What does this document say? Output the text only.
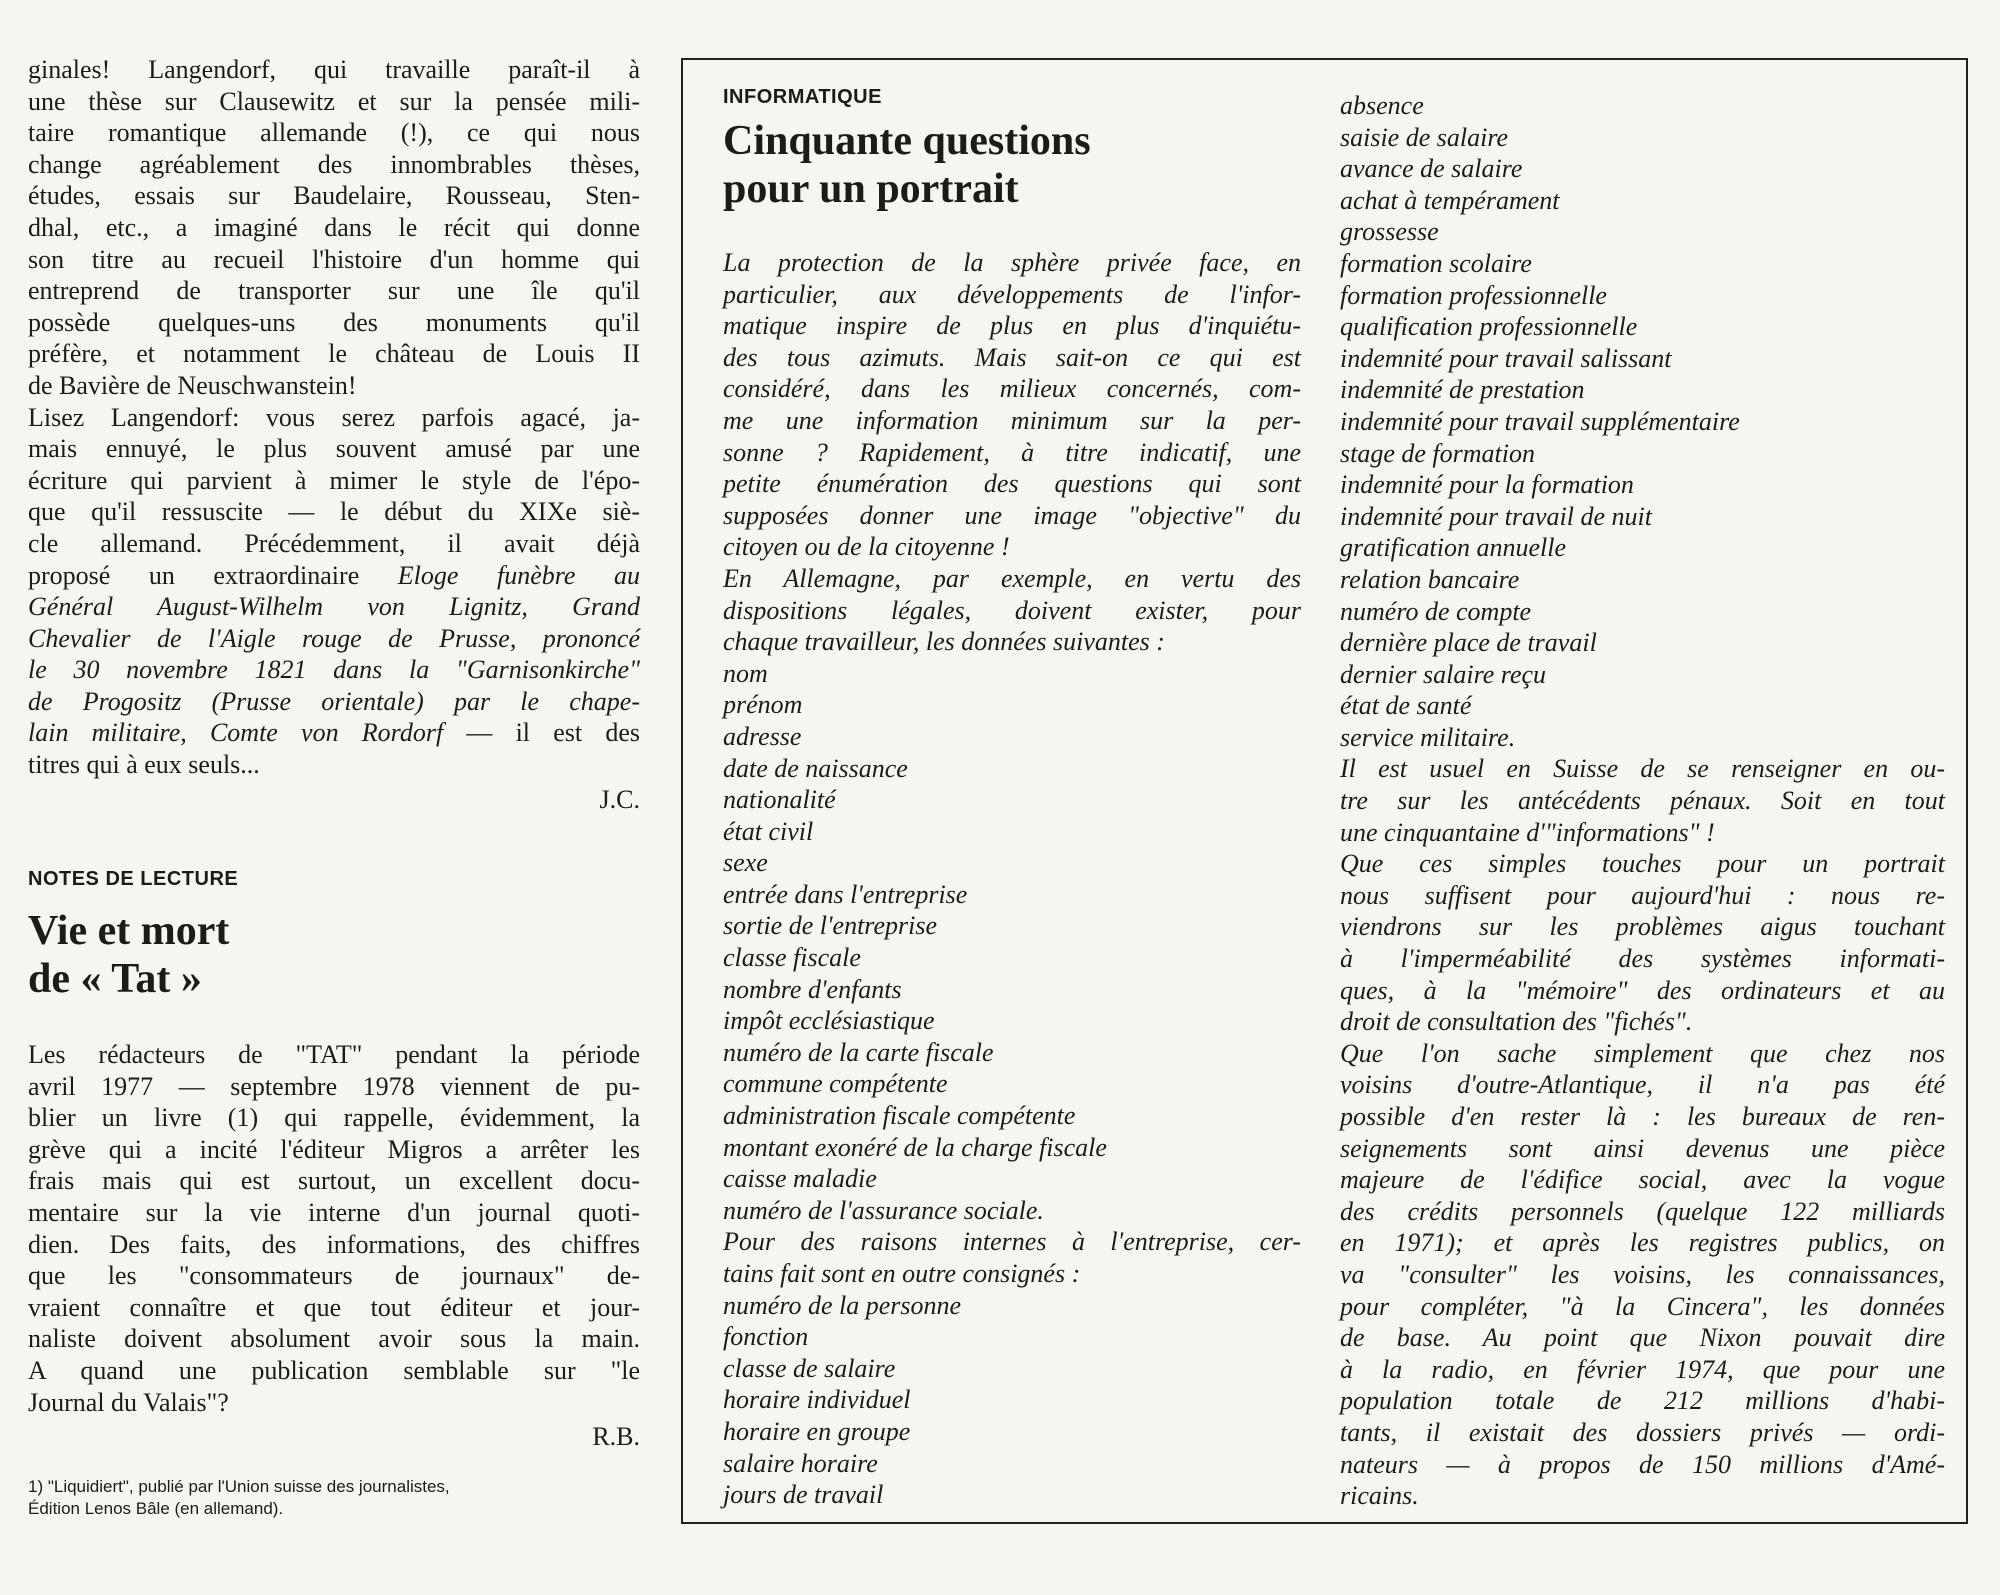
ginales! Langendorf, qui travaille paraît-il à
une thèse sur Clausewitz et sur la pensée mili-
taire romantique allemande (!), ce qui nous
change agréablement des innombrables thèses,
études, essais sur Baudelaire, Rousseau, Sten-
dhal, etc., a imaginé dans le récit qui donne
son titre au recueil l'histoire d'un homme qui
entreprend de transporter sur une île qu'il
possède quelques-uns des monuments qu'il
préfère, et notamment le château de Louis II
de Bavière de Neuschwanstein!

Lisez Langendorf: vous serez parfois agacé, ja-
mais ennuyé, le plus souvent amusé par une
écriture qui parvient à mimer le style de l'épo-
que qu'il ressuscite — le début du XIXe siè-
cle allemand. Précédemment, il avait déjà
proposé un extraordinaire Eloge funèbre au
Général August-Wilhelm von Lignitz, Grand
Chevalier de l'Aigle rouge de Prusse, prononcé
le 30 novembre 1821 dans la "Garnisonkirche"
de Progositz (Prusse orientale) par le chape-
lain militaire, Comte von Rordorf — il est des
titres qui à eux seuls...

J.C.

NOTES DE LECTURE

Vie et mort
de « Tat »

Les rédacteurs de "TAT" pendant la période
avril 1977 — septembre 1978 viennent de pu-
blier un livre (1) qui rappelle, évidemment, la
grève qui a incité l'éditeur Migros a arrêter les
frais mais qui est surtout, un excellent docu-
mentaire sur la vie interne d'un journal quoti-
dien. Des faits, des informations, des chiffres
que les "consommateurs de journaux" de-
vraient connaître et que tout éditeur et jour-
naliste doivent absolument avoir sous la main.
A quand une publication semblable sur "le
Journal du Valais"?

R.B.

1) "Liquidiert", publié par l'Union suisse des journalistes,

Édition Lenos Bâle (en allemand).

INFORMATIQUE

Cinquante questions
pour un portrait

La protection de la sphère privée face, en
particulier, aux développements de l'infor-
matique inspire de plus en plus d'inquiétu-
des tous azimuts. Mais sait-on ce qui est
considéré, dans les milieux concernés, com-
me une information minimum sur la per-
sonne ? Rapidement, à titre indicatif, une
petite énumération des questions qui sont
supposées donner une image "objective" du
citoyen ou de la citoyenne !
En Allemagne, par exemple, en vertu des
dispositions légales, doivent exister, pour
chaque travailleur, les données suivantes :

nom
prénom
adresse
date de naissance
nationalité
état civil
sexe
entrée dans l'entreprise
sortie de l'entreprise
classe fiscale
nombre d'enfants
impôt ecclésiastique
numéro de la carte fiscale
commune compétente
administration fiscale compétente
montant exonéré de la charge fiscale
caisse maladie
numéro de l'assurance sociale.

Pour des raisons internes à l'entreprise, cer-
tains fait sont en outre consignés :

numéro de la personne
fonction
classe de salaire
horaire individuel
horaire en groupe
salaire horaire
jours de travail
absence
saisie de salaire
avance de salaire
achat à tempérament
grossesse
formation scolaire
formation professionnelle
qualification professionnelle
indemnité pour travail salissant
indemnité de prestation
indemnité pour travail supplémentaire
stage de formation
indemnité pour la formation
indemnité pour travail de nuit
gratification annuelle
relation bancaire
numéro de compte
dernière place de travail
dernier salaire reçu
état de santé
service militaire.

Il est usuel en Suisse de se renseigner en ou-
tre sur les antécédents pénaux. Soit en tout
une cinquantaine d'"informations" !
Que ces simples touches pour un portrait
nous suffisent pour aujourd'hui : nous re-
viendrons sur les problèmes aigus touchant
à l'imperméabilité des systèmes informati-
ques, à la "mémoire" des ordinateurs et au
droit de consultation des "fichés".
Que l'on sache simplement que chez nos
voisins d'outre-Atlantique, il n'a pas été
possible d'en rester là : les bureaux de ren-
seignements sont ainsi devenus une pièce
majeure de l'édifice social, avec la vogue
des crédits personnels (quelque 122 milliards
en 1971); et après les registres publics, on
va "consulter" les voisins, les connaissances,
pour compléter, "à la Cincera", les données
de base. Au point que Nixon pouvait dire
à la radio, en février 1974, que pour une
population totale de 212 millions d'habi-
tants, il existait des dossiers privés — ordi-
nateurs — à propos de 150 millions d'Amé-
ricains.
